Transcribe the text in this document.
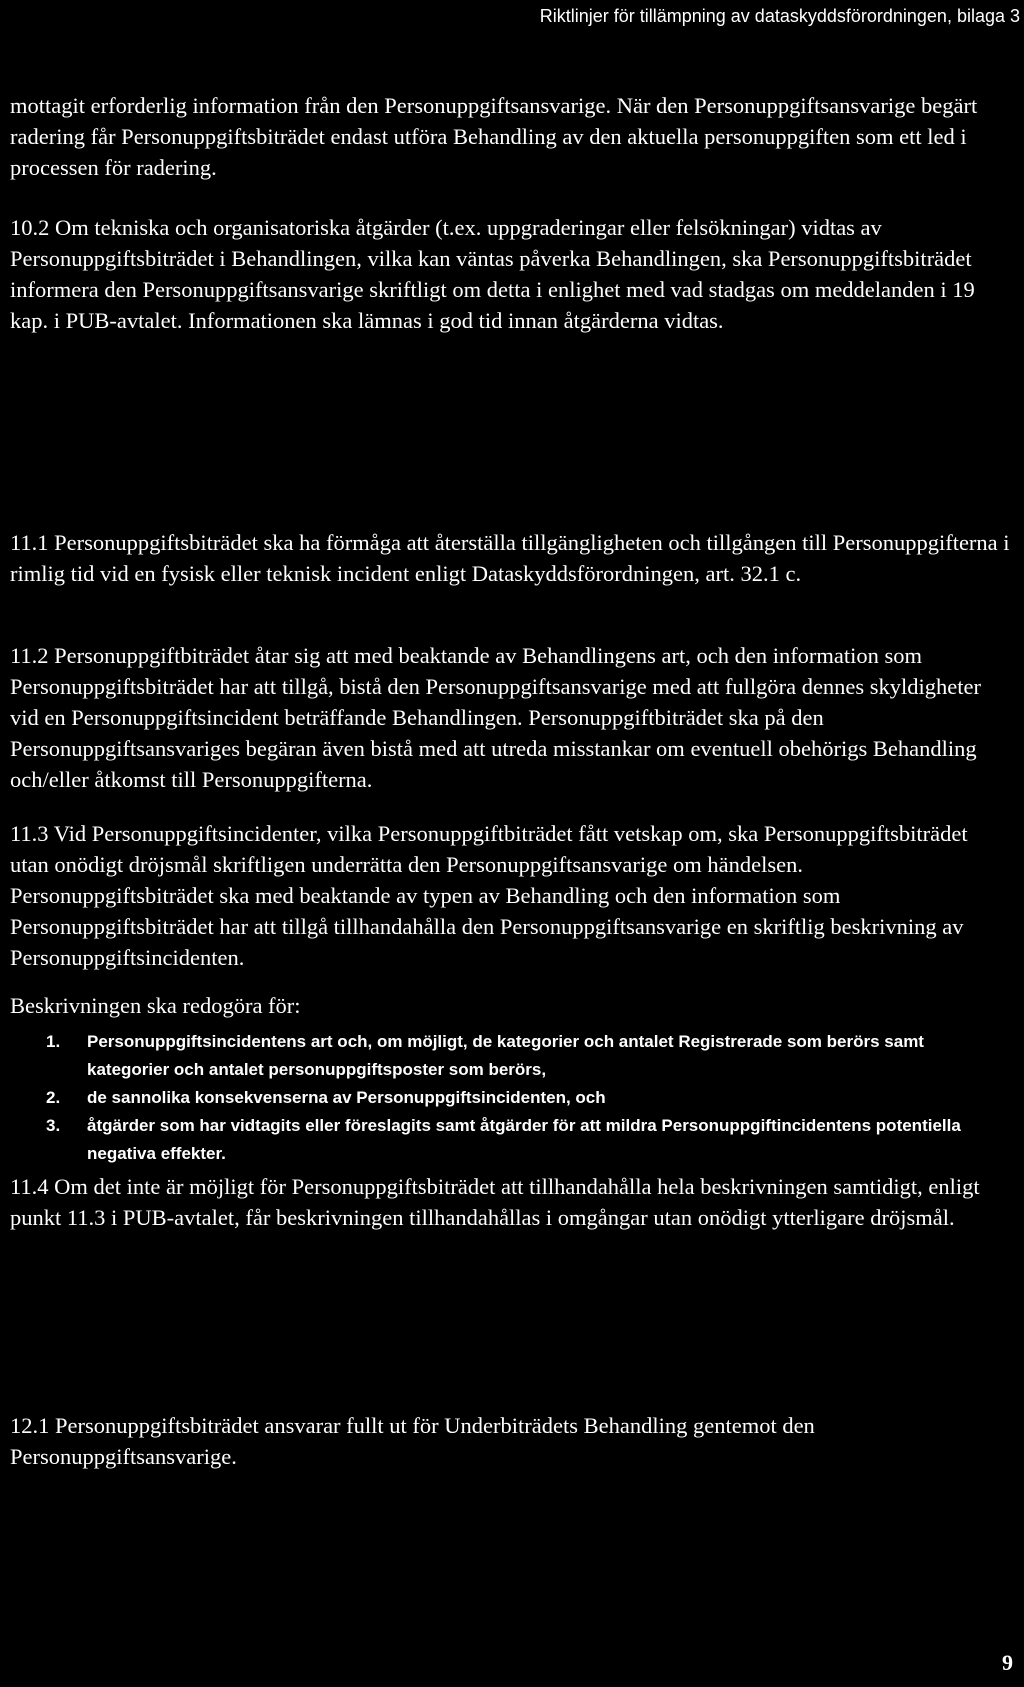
Riktlinjer för tillämpning av dataskyddsförordningen, bilaga 3

mottagit erforderlig information från den Personuppgiftsansvarige. När den Personuppgiftsansvarige begärt radering får Personuppgiftsbiträdet endast utföra Behandling av den aktuella personuppgiften som ett led i processen för radering.

10.2 Om tekniska och organisatoriska åtgärder (t.ex. uppgraderingar eller felsökningar) vidtas av Personuppgiftsbiträdet i Behandlingen, vilka kan väntas påverka Behandlingen, ska Personuppgiftsbiträdet informera den Personuppgiftsansvarige skriftligt om detta i enlighet med vad stadgas om meddelanden i 19 kap. i PUB-avtalet. Informationen ska lämnas i god tid innan åtgärderna vidtas.

11.1 Personuppgiftsbiträdet ska ha förmåga att återställa tillgängligheten och tillgången till Personuppgifterna i rimlig tid vid en fysisk eller teknisk incident enligt Dataskyddsförordningen, art. 32.1 c.

11.2 Personuppgiftbiträdet åtar sig att med beaktande av Behandlingens art, och den information som Personuppgiftsbiträdet har att tillgå, bistå den Personuppgiftsansvarige med att fullgöra dennes skyldigheter vid en Personuppgiftsincident beträffande Behandlingen. Personuppgiftbiträdet ska på den Personuppgiftsansvariges begäran även bistå med att utreda misstankar om eventuell obehörigs Behandling och/eller åtkomst till Personuppgifterna.

11.3 Vid Personuppgiftsincidenter, vilka Personuppgiftbiträdet fått vetskap om, ska Personuppgiftsbiträdet utan onödigt dröjsmål skriftligen underrätta den Personuppgiftsansvarige om händelsen. Personuppgiftsbiträdet ska med beaktande av typen av Behandling och den information som Personuppgiftsbiträdet har att tillgå tillhandahålla den Personuppgiftsansvarige en skriftlig beskrivning av Personuppgiftsincidenten.

Beskrivningen ska redogöra för:

1. Personuppgiftsincidentens art och, om möjligt, de kategorier och antalet Registrerade som berörs samt kategorier och antalet personuppgiftsposter som berörs,
2. de sannolika konsekvenserna av Personuppgiftsincidenten, och
3. åtgärder som har vidtagits eller föreslagits samt åtgärder för att mildra Personuppgiftincidentens potentiella negativa effekter.

11.4 Om det inte är möjligt för Personuppgiftsbiträdet att tillhandahålla hela beskrivningen samtidigt, enligt punkt 11.3 i PUB-avtalet, får beskrivningen tillhandahållas i omgångar utan onödigt ytterligare dröjsmål.

12.1 Personuppgiftsbiträdet ansvarar fullt ut för Underbiträdets Behandling gentemot den Personuppgiftsansvarige.

9
